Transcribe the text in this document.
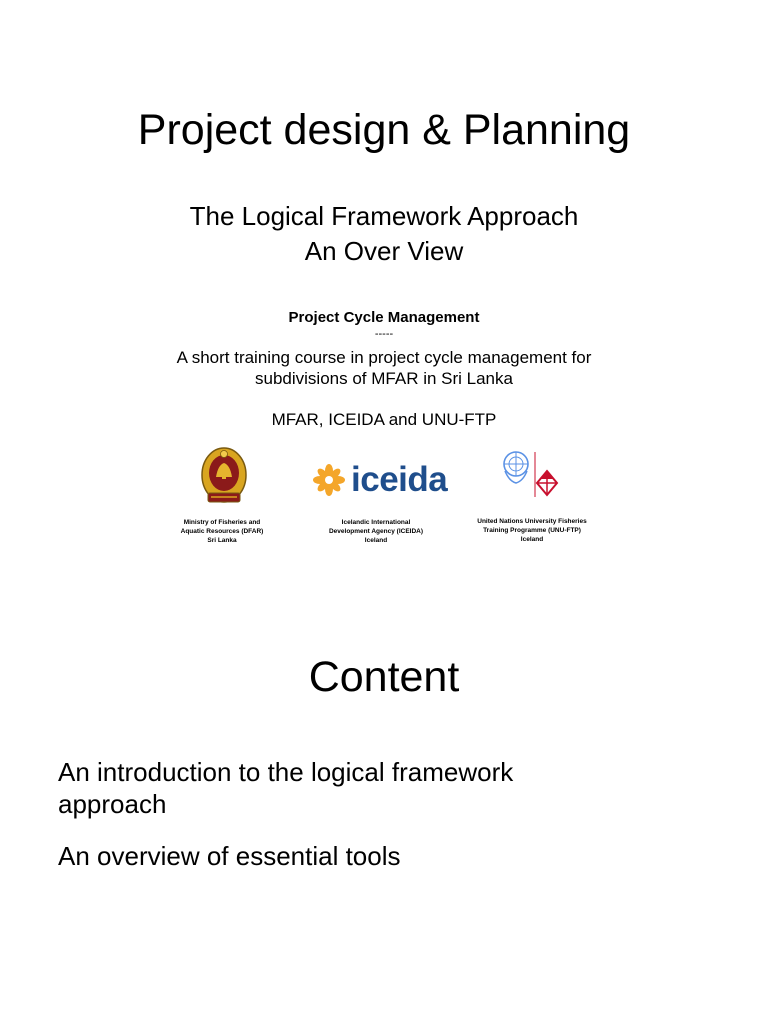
Project design & Planning
The Logical Framework Approach
An Over View
Project Cycle Management
-----
A short training course in project cycle management for
subdivisions of MFAR in Sri Lanka
MFAR, ICEIDA and UNU-FTP
Ministry of Fisheries and
Aquatic Resources (DFAR)
Sri Lanka
iceida
Icelandic International
Development Agency (ICEIDA)
Iceland
United Nations University Fisheries
Training Programme (UNU-FTP)
Iceland
Content
An introduction to the logical framework
approach
An overview of essential tools
